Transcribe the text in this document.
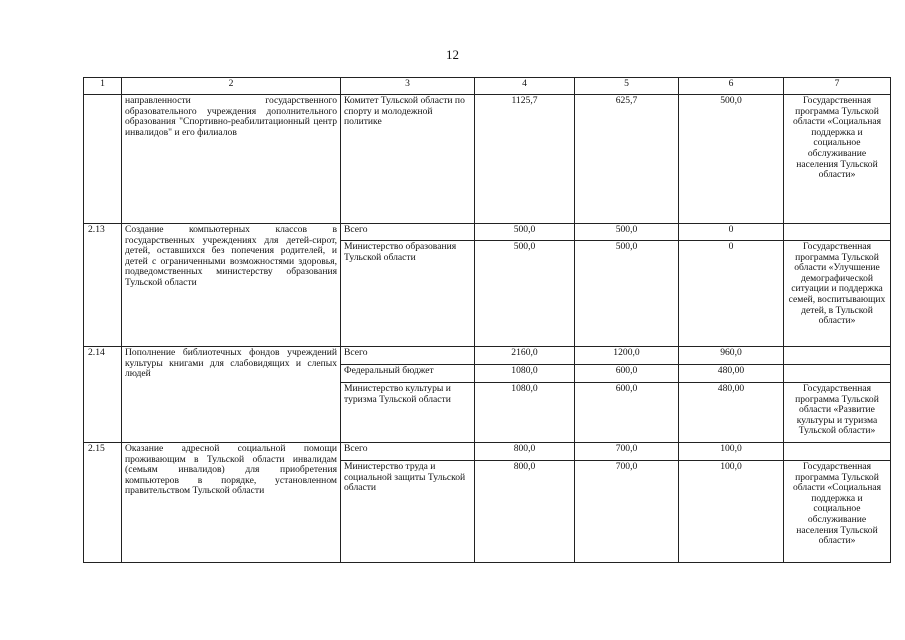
12
1	2	3	4	5	6	7
	направленности государственного образовательного учреждения дополнительного образования "Спортивно-реабилитационный центр инвалидов" и его филиалов	Комитет Тульской области по спорту и молодежной политике	1125,7	625,7	500,0	Государственная программа Тульской области «Социальная поддержка и социальное обслуживание населения Тульской области»
2.13	Создание компьютерных классов в государственных учреждениях для детей-сирот, детей, оставшихся без попечения родителей, и детей с ограниченными возможностями здоровья, подведомственных министерству образования Тульской области	Всего	500,0	500,0	0	
		Министерство образования Тульской области	500,0	500,0	0	Государственная программа Тульской области «Улучшение демографической ситуации и поддержка семей, воспитывающих детей, в Тульской области»
2.14	Пополнение библиотечных фондов учреждений культуры книгами для слабовидящих и слепых людей	Всего	2160,0	1200,0	960,0	
		Федеральный бюджет	1080,0	600,0	480,00	
		Министерство культуры и туризма Тульской области	1080,0	600,0	480,00	Государственная программа Тульской области «Развитие культуры и туризма Тульской области»
2.15	Оказание адресной социальной помощи проживающим в Тульской области инвалидам (семьям инвалидов) для приобретения компьютеров в порядке, установленном правительством Тульской области	Всего	800,0	700,0	100,0	
		Министерство труда и социальной защиты Тульской области	800,0	700,0	100,0	Государственная программа Тульской области «Социальная поддержка и социальное обслуживание населения Тульской области»
